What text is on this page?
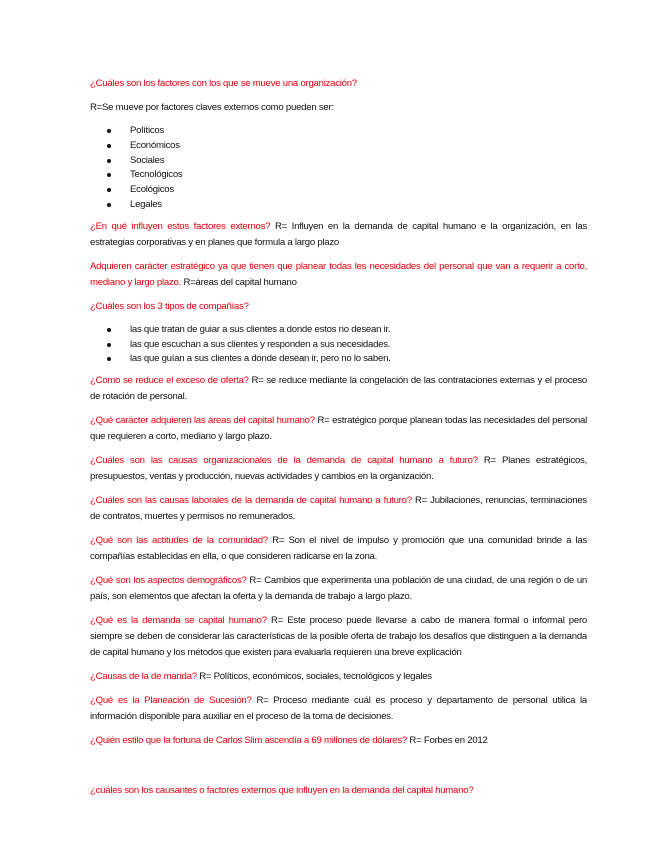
¿Cuáles son los factores con los que se mueve una organización?

R=Se mueve por factores claves externos como pueden ser:

Políticos
Económicos
Sociales
Tecnológicos
Ecológicos
Legales

¿En qué influyen estos factores externos? R= Influyen en la demanda de capital humano e la organización, en las estrategias corporativas y en planes que formula a largo plazo

Adquieren carácter estratégico ya que tienen que planear todas les necesidades del personal que van a requerir a corto, mediano y largo plazo. R=áreas del capital humano

¿Cuáles son los 3 tipos de compañías?

las que tratan de guiar a sus clientes a donde estos no desean ir.
las que escuchan a sus clientes y responden a sus necesidades.
las que guían a sus clientes a donde desean ir, pero no lo saben.

¿Como se reduce el exceso de oferta? R= se reduce mediante la congelación de las contrataciones externas y el proceso de rotación de personal.

¿Qué carácter adquieren las áreas del capital humano? R= estratégico porque planean todas las necesidades del personal que requieren a corto, mediano y largo plazo.

¿Cuáles son las causas organizacionales de la demanda de capital humano a futuro? R= Planes estratégicos, presupuestos, ventas y producción, nuevas actividades y cambios en la organización.

¿Cuáles son las causas laborales de la demanda de capital humano a futuro? R= Jubilaciones, renuncias, terminaciones de contratos, muertes y permisos no remunerados.

¿Qué son las actitudes de la comunidad? R= Son el nivel de impulso y promoción que una comunidad brinde a las compañías establecidas en ella, o que consideren radicarse en la zona.

¿Qué son los aspectos demográficos? R= Cambios que experimenta una población de una ciudad, de una región o de un país, son elementos que afectan la oferta y la demanda de trabajo a largo plazo.

¿Qué es la demanda se capital humano? R= Este proceso puede llevarse a cabo de manera formal o informal pero siempre se deben de considerar las características de la posible oferta de trabajo los desafíos que distinguen a la demanda de capital humano y los métodos que existen para evaluarla requieren una breve explicación

¿Causas de la de manda? R= Políticos, económicos, sociales, tecnológicos y legales

¿Qué es la Planeación de Sucesión? R= Proceso mediante cuál es proceso y departamento de personal utilica la información disponible para auxiliar en el proceso de la toma de decisiones.

¿Quién estilo que la fortuna de Carlos Slim ascendía a 69 millones de dólares? R= Forbes en 2012

¿cuáles son los causantes o factores externos que influyen en la demanda del capital humano?
